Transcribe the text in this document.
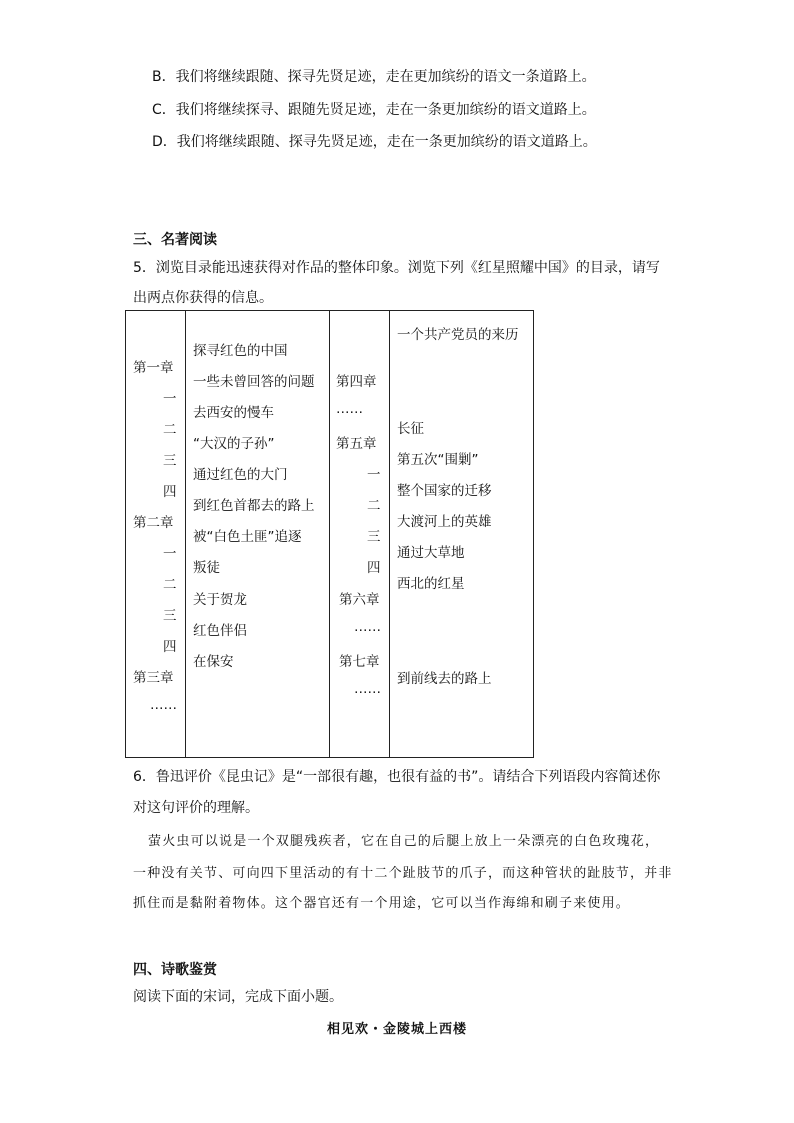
B．我们将继续跟随、探寻先贤足迹，走在更加缤纷的语文一条道路上。
C．我们将继续探寻、跟随先贤足迹，走在一条更加缤纷的语文道路上。
D．我们将继续跟随、探寻先贤足迹，走在一条更加缤纷的语文道路上。
三、名著阅读
5．浏览目录能迅速获得对作品的整体印象。浏览下列《红星照耀中国》的目录，请写
出两点你获得的信息。
第一章
一
二
三
四
第二章
一
二
三
四
第三章
……
探寻红色的中国
一些未曾回答的问题
去西安的慢车
“大汉的子孙”
通过红色的大门
到红色首都去的路上
被“白色土匪”追逐
叛徒
关于贺龙
红色伴侣
在保安
第四章
……
第五章
一
二
三
四
第六章
……
第七章
……
一个共产党员的来历
长征
第五次“围剿”
整个国家的迁移
大渡河上的英雄
通过大草地
西北的红星
到前线去的路上
6．鲁迅评价《昆虫记》是“一部很有趣，也很有益的书”。请结合下列语段内容简述你
对这句评价的理解。
萤火虫可以说是一个双腿残疾者，它在自己的后腿上放上一朵漂亮的白色玫瑰花，
一种没有关节、可向四下里活动的有十二个趾肢节的爪子，而这种管状的趾肢节，并非
抓住而是黏附着物体。这个器官还有一个用途，它可以当作海绵和刷子来使用。
四、诗歌鉴赏
阅读下面的宋词，完成下面小题。
相见欢・金陵城上西楼
